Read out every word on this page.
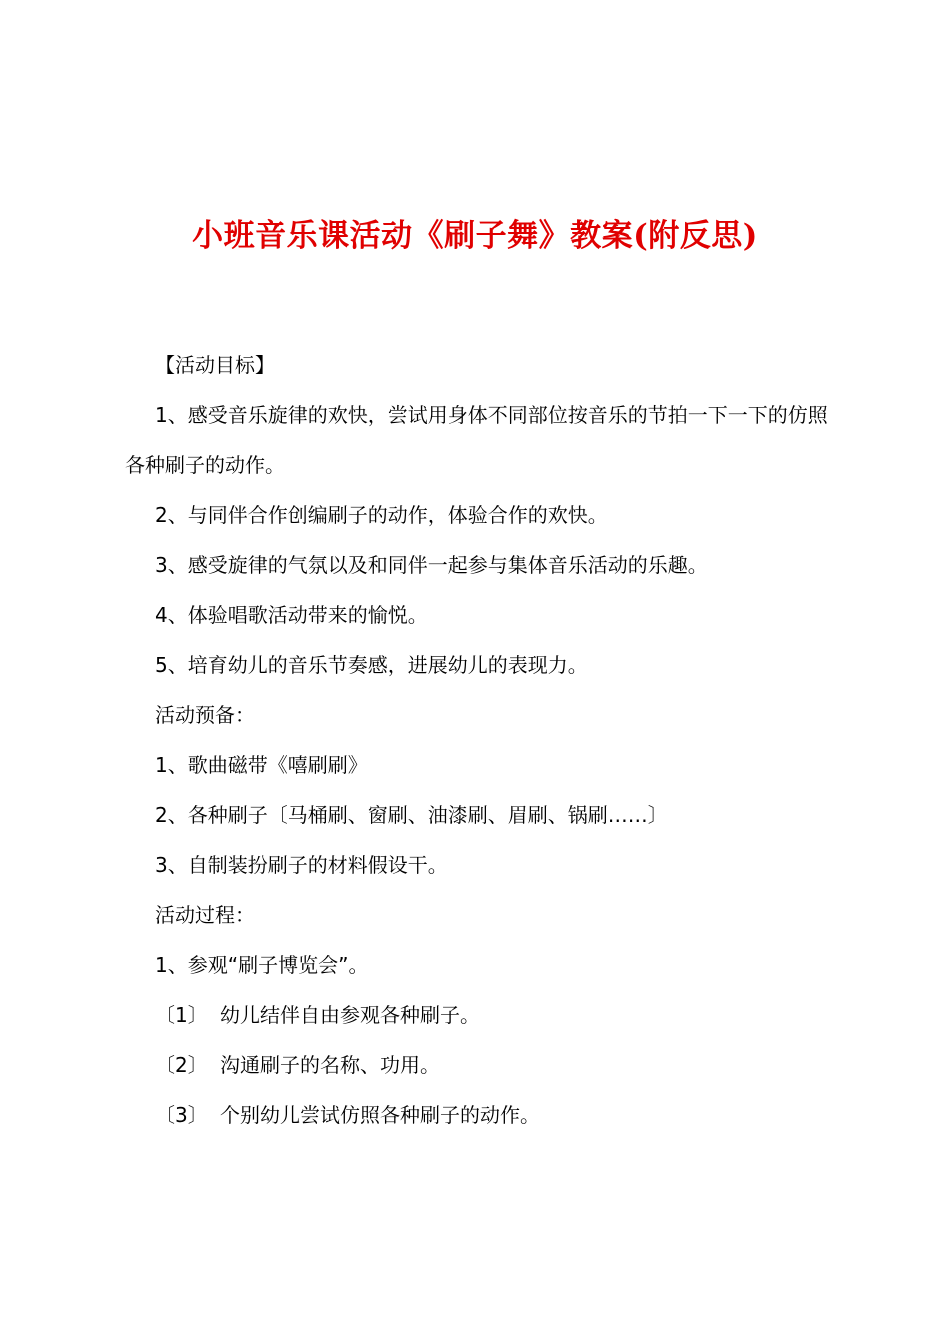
小班音乐课活动《刷子舞》教案(附反思)
【活动目标】
1、感受音乐旋律的欢快，尝试用身体不同部位按音乐的节拍一下一下的仿照各种刷子的动作。
2、与同伴合作创编刷子的动作，体验合作的欢快。
3、感受旋律的气氛以及和同伴一起参与集体音乐活动的乐趣。
4、体验唱歌活动带来的愉悦。
5、培育幼儿的音乐节奏感，进展幼儿的表现力。
活动预备：
1、歌曲磁带《嘻刷刷》
2、各种刷子〔马桶刷、窗刷、油漆刷、眉刷、锅刷……〕
3、自制装扮刷子的材料假设干。
活动过程：
1、参观“刷子博览会”。
〔1〕 幼儿结伴自由参观各种刷子。
〔2〕 沟通刷子的名称、功用。
〔3〕 个别幼儿尝试仿照各种刷子的动作。
